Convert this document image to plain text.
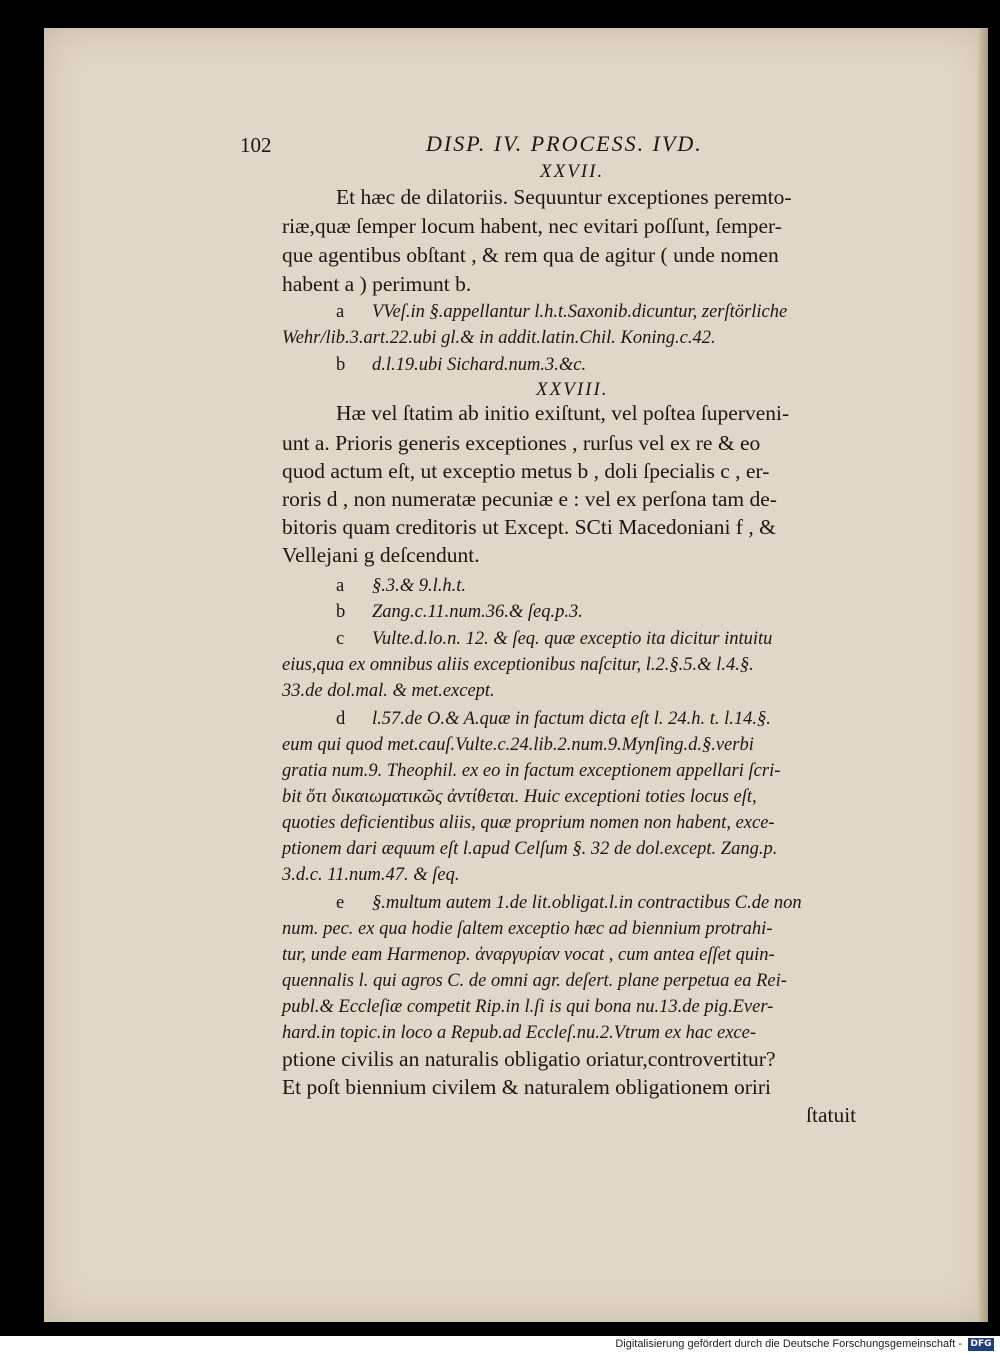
102	DISP. IV. PROCESS. IVD.
XXVII.
Et hæc de dilatoriis. Sequuntur exceptiones peremto-
riæ,quæ ſemper locum habent, nec evitari poſſunt, ſemper-
que agentibus obſtant , & rem qua de agitur ( unde nomen
habent a ) perimunt b.
a VVeſ.in §.appellantur l.h.t.Saxonib.dicuntur, zerſtörliche
Wehr/lib.3.art.22.ubi gl.& in addit.latin.Chil. Koning.c.42.
b d.l.19.ubi Sichard.num.3.&c.
XXVIII.
Hæ vel ſtatim ab initio exiſtunt, vel poſtea ſuperveni-
unt a. Prioris generis exceptiones , rurſus vel ex re & eo
quod actum eſt, ut exceptio metus b , doli ſpecialis c , er-
roris d , non numeratæ pecuniæ e : vel ex perſona tam de-
bitoris quam creditoris ut Except. SCti Macedoniani f , &
Vellejani g deſcendunt.
a §.3.& 9.l.h.t.
b Zang.c.11.num.36.& ſeq.p.3.
c Vulte.d.lo.n. 12. & ſeq. quæ exceptio ita dicitur intuitu
eius,qua ex omnibus aliis exceptionibus naſcitur, l.2.§.5.& l.4.§.
33.de dol.mal. & met.except.
d l.57.de O.& A.quæ in factum dicta eſt l. 24.h. t. l.14.§.
eum qui quod met.cauſ.Vulte.c.24.lib.2.num.9.Mynſing.d.§.verbi
gratia num.9. Theophil. ex eo in factum exceptionem appellari ſcri-
bit ὅτι δικαιωματικῶς ἀντίθεται. Huic exceptioni toties locus eſt,
quoties deficientibus aliis, quæ proprium nomen non habent, exce-
ptionem dari æquum eſt l.apud Celſum §. 32 de dol.except. Zang.p.
3.d.c. 11.num.47. & ſeq.
e §.multum autem 1.de lit.obligat.l.in contractibus C.de non
num. pec. ex qua hodie ſaltem exceptio hæc ad biennium protrahi-
tur, unde eam Harmenop. ἀναργυρίαν vocat , cum antea eſſet quin-
quennalis l. qui agros C. de omni agr. deſert. plane perpetua ea Rei-
publ.& Eccleſiæ competit Rip.in l.ſi is qui bona nu.13.de pig.Ever-
hard.in topic.in loco a Repub.ad Eccleſ.nu.2.Vtrum ex hac exce-
ptione civilis an naturalis obligatio oriatur,controvertitur?
Et poſt biennium civilem & naturalem obligationem oriri
ſtatuit
Digitalisierung gefördert durch die Deutsche Forschungsgemeinschaft - DFG
